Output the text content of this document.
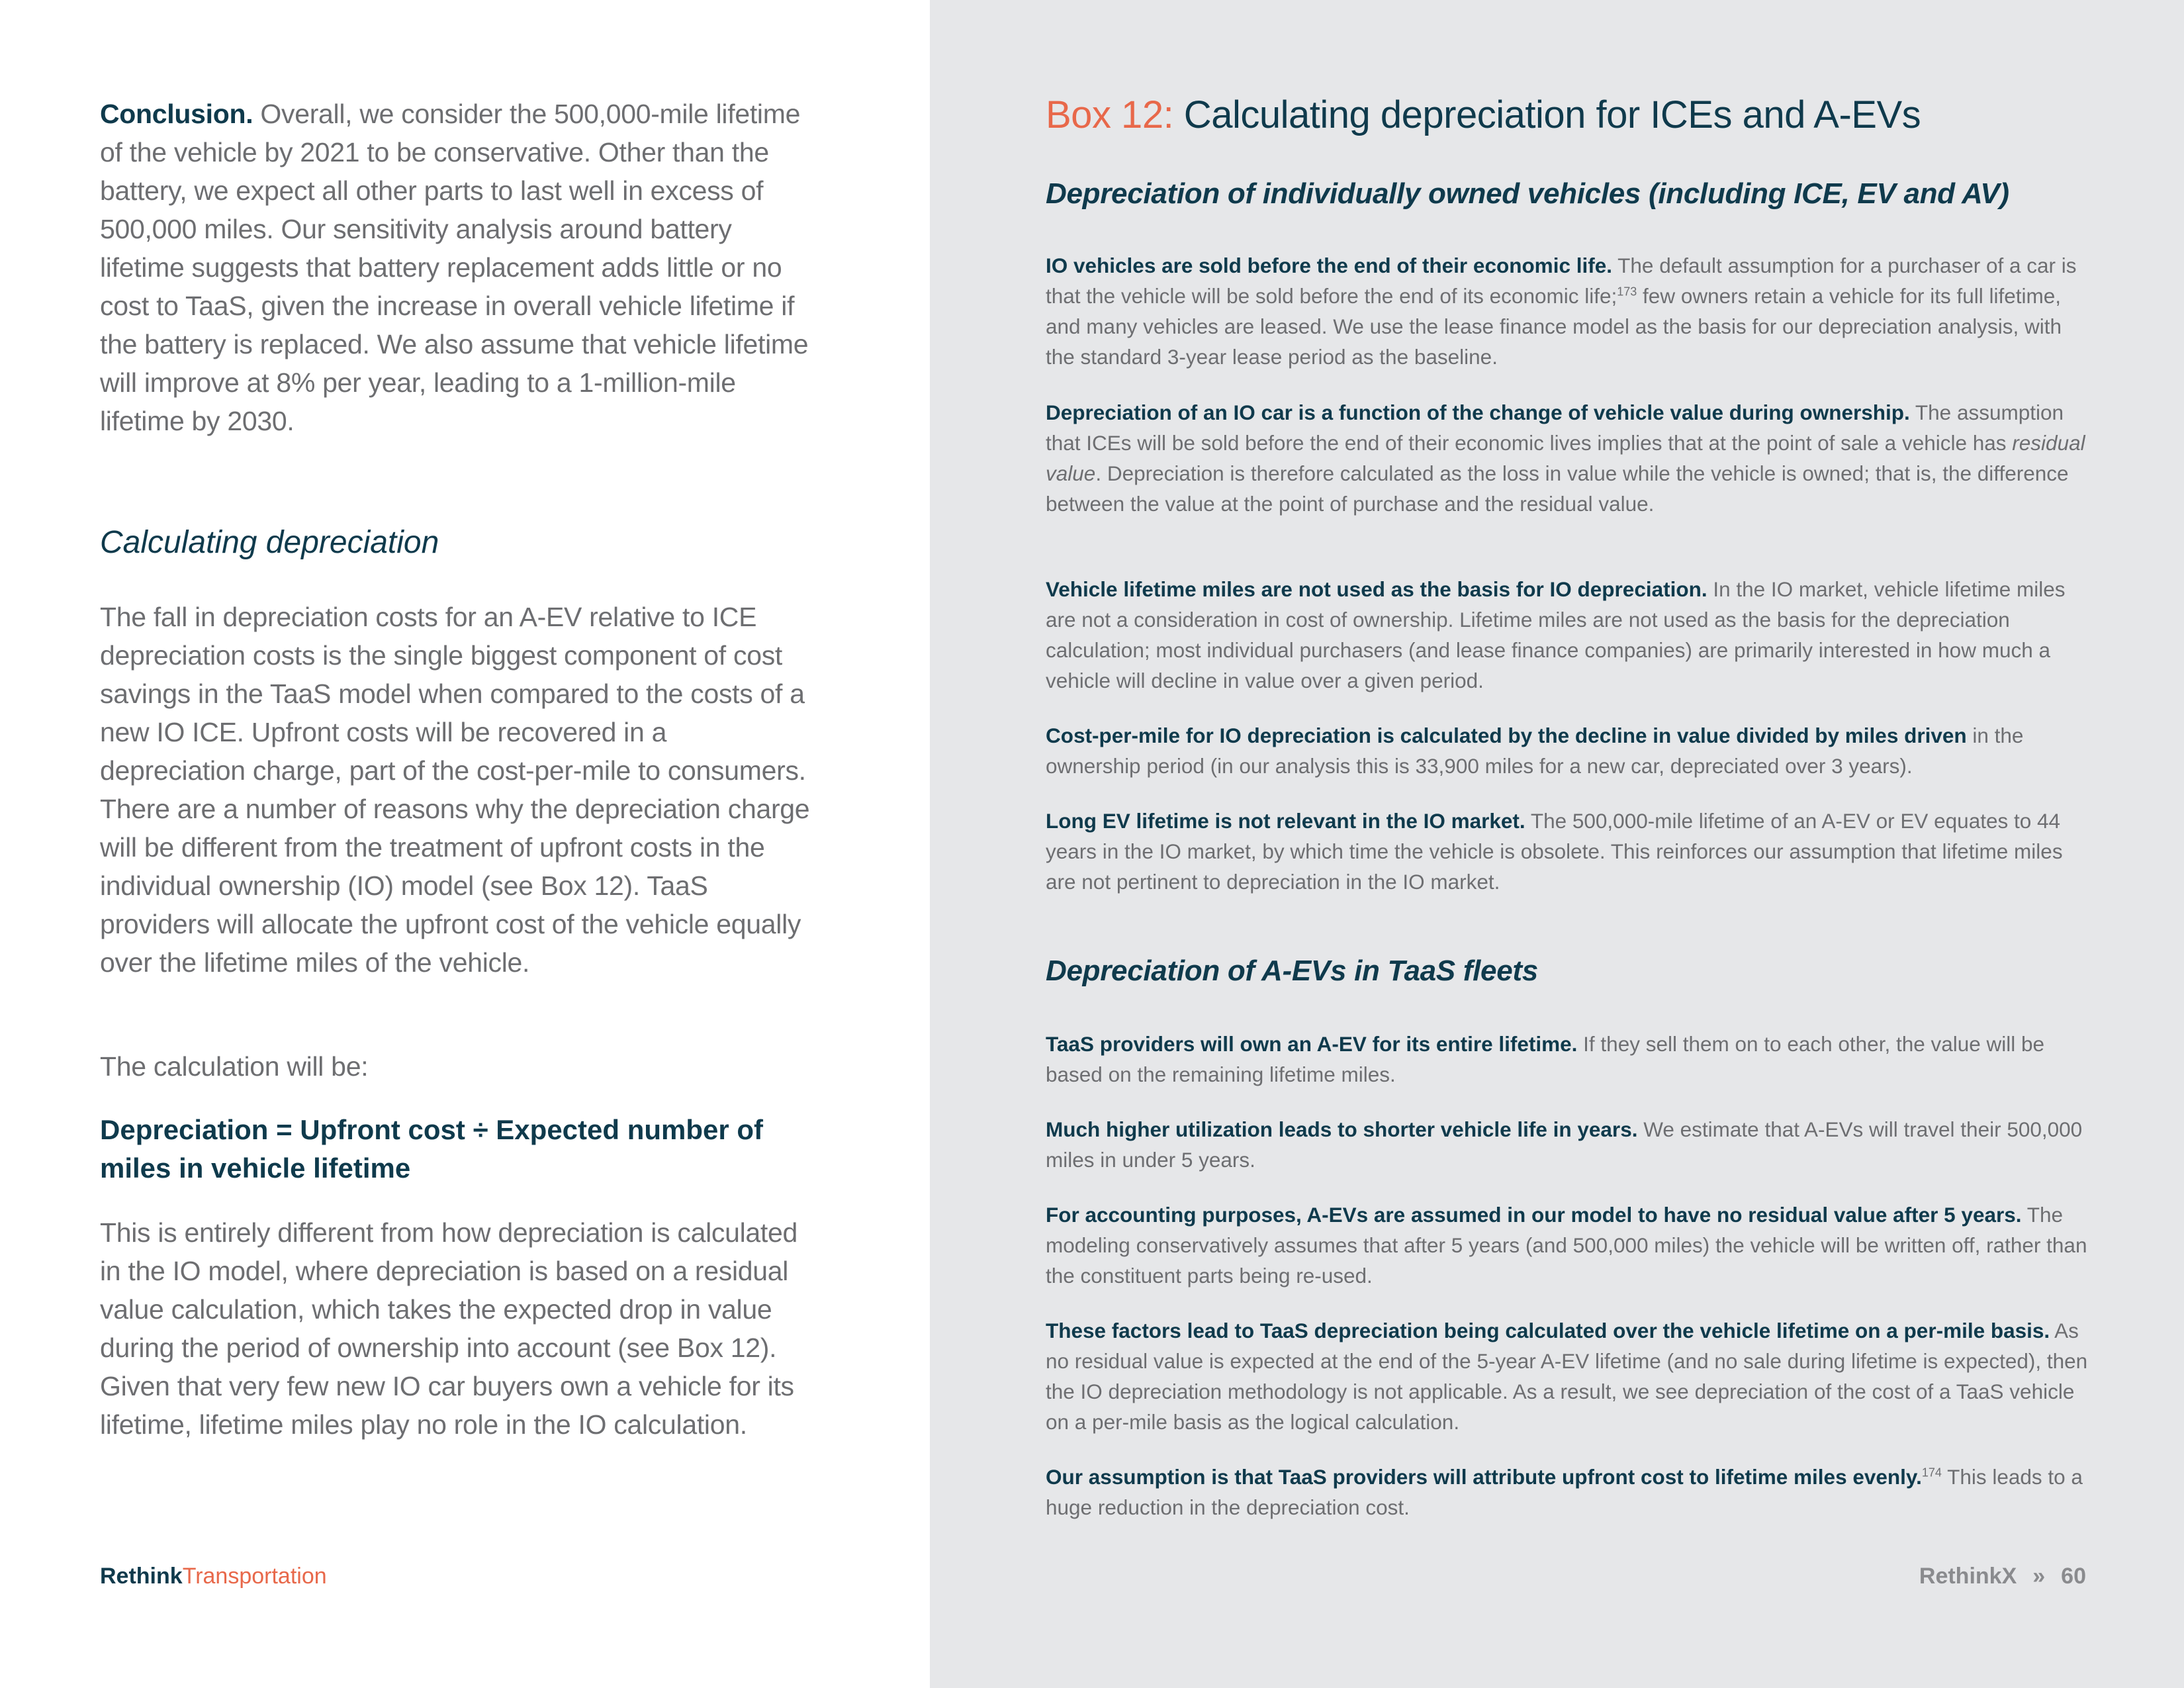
Conclusion. Overall, we consider the 500,000-mile lifetime of the vehicle by 2021 to be conservative. Other than the battery, we expect all other parts to last well in excess of 500,000 miles. Our sensitivity analysis around battery lifetime suggests that battery replacement adds little or no cost to TaaS, given the increase in overall vehicle lifetime if the battery is replaced. We also assume that vehicle lifetime will improve at 8% per year, leading to a 1-million-mile lifetime by 2030.

Calculating depreciation

The fall in depreciation costs for an A-EV relative to ICE depreciation costs is the single biggest component of cost savings in the TaaS model when compared to the costs of a new IO ICE. Upfront costs will be recovered in a depreciation charge, part of the cost-per-mile to consumers. There are a number of reasons why the depreciation charge will be different from the treatment of upfront costs in the individual ownership (IO) model (see Box 12). TaaS providers will allocate the upfront cost of the vehicle equally over the lifetime miles of the vehicle.

The calculation will be:

Depreciation = Upfront cost ÷ Expected number of miles in vehicle lifetime

This is entirely different from how depreciation is calculated in the IO model, where depreciation is based on a residual value calculation, which takes the expected drop in value during the period of ownership into account (see Box 12). Given that very few new IO car buyers own a vehicle for its lifetime, lifetime miles play no role in the IO calculation.

RethinkTransportation

Box 12: Calculating depreciation for ICEs and A-EVs
Depreciation of individually owned vehicles (including ICE, EV and AV)

IO vehicles are sold before the end of their economic life. The default assumption for a purchaser of a car is that the vehicle will be sold before the end of its economic life;$^{173}$ few owners retain a vehicle for its full lifetime, and many vehicles are leased. We use the lease finance model as the basis for our depreciation analysis, with the standard 3-year lease period as the baseline.

Depreciation of an IO car is a function of the change of vehicle value during ownership. The assumption that ICEs will be sold before the end of their economic lives implies that at the point of sale a vehicle has residual value. Depreciation is therefore calculated as the loss in value while the vehicle is owned; that is, the difference between the value at the point of purchase and the residual value.

Vehicle lifetime miles are not used as the basis for IO depreciation. In the IO market, vehicle lifetime miles are not a consideration in cost of ownership. Lifetime miles are not used as the basis for the depreciation calculation; most individual purchasers (and lease finance companies) are primarily interested in how much a vehicle will decline in value over a given period.

Cost-per-mile for IO depreciation is calculated by the decline in value divided by miles driven in the ownership period (in our analysis this is 33,900 miles for a new car, depreciated over 3 years).

Long EV lifetime is not relevant in the IO market. The 500,000-mile lifetime of an A-EV or EV equates to 44 years in the IO market, by which time the vehicle is obsolete. This reinforces our assumption that lifetime miles are not pertinent to depreciation in the IO market.

Depreciation of A-EVs in TaaS fleets

TaaS providers will own an A-EV for its entire lifetime. If they sell them on to each other, the value will be based on the remaining lifetime miles.

Much higher utilization leads to shorter vehicle life in years. We estimate that A-EVs will travel their 500,000 miles in under 5 years.

For accounting purposes, A-EVs are assumed in our model to have no residual value after 5 years. The modeling conservatively assumes that after 5 years (and 500,000 miles) the vehicle will be written off, rather than the constituent parts being re-used.

These factors lead to TaaS depreciation being calculated over the vehicle lifetime on a per-mile basis. As no residual value is expected at the end of the 5-year A-EV lifetime (and no sale during lifetime is expected), then the IO depreciation methodology is not applicable. As a result, we see depreciation of the cost of a TaaS vehicle on a per-mile basis as the logical calculation.

Our assumption is that TaaS providers will attribute upfront cost to lifetime miles evenly.$^{174}$ This leads to a huge reduction in the depreciation cost.

RethinkX » 60
